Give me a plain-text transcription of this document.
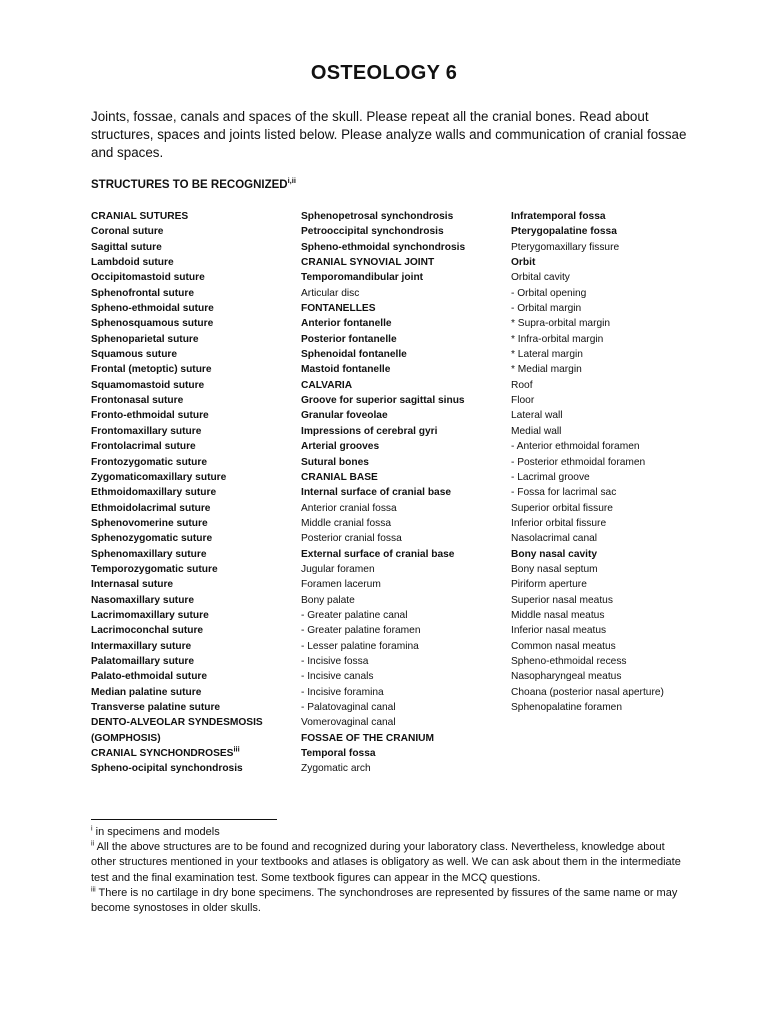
OSTEOLOGY 6
Joints, fossae, canals and spaces of the skull. Please repeat all the cranial bones. Read about structures, spaces and joints listed below. Please analyze walls and communication of cranial fossae and spaces.
STRUCTURES TO BE $RECOGNIZED^{i,ii}$
CRANIAL SUTURES
Coronal suture
Sagittal suture
Lambdoid suture
Occipitomastoid suture
Sphenofrontal suture
Spheno-ethmoidal suture
Sphenosquamous suture
Sphenoparietal suture
Squamous suture
Frontal (metoptic) suture
Squamomastoid suture
Frontonasal suture
Fronto-ethmoidal suture
Frontomaxillary suture
Frontolacrimal suture
Frontozygomatic suture
Zygomaticomaxillary suture
Ethmoidomaxillary suture
Ethmoidolacrimal suture
Sphenovomerine suture
Sphenozygomatic suture
Sphenomaxillary suture
Temporozygomatic suture
Internasal suture
Nasomaxillary suture
Lacrimomaxillary suture
Lacrimoconchal suture
Intermaxillary suture
Palatomaillary suture
Palato-ethmoidal suture
Median palatine suture
Transverse palatine suture
DENTO-ALVEOLAR SYNDESMOSIS
(GOMPHOSIS)
CRANIAL SYNCHONDROSES$^{iii}$
Spheno-ocipital synchondrosis
Sphenopetrosal synchondrosis
Petrooccipital synchondrosis
Spheno-ethmoidal synchondrosis
CRANIAL SYNOVIAL JOINT
Temporomandibular joint
Articular disc
FONTANELLES
Anterior fontanelle
Posterior fontanelle
Sphenoidal fontanelle
Mastoid fontanelle
CALVARIA
Groove for superior sagittal sinus
Granular foveolae
Impressions of cerebral gyri
Arterial grooves
Sutural bones
CRANIAL BASE
Internal surface of cranial base
Anterior cranial fossa
Middle cranial fossa
Posterior cranial fossa
External surface of cranial base
Jugular foramen
Foramen lacerum
Bony palate
- Greater palatine canal
- Greater palatine foramen
- Lesser palatine foramina
- Incisive fossa
- Incisive canals
- Incisive foramina
- Palatovaginal canal
Vomerovaginal canal
FOSSAE OF THE CRANIUM
Temporal fossa
Zygomatic arch
Infratemporal fossa
Pterygopalatine fossa
Pterygomaxillary fissure
Orbit
Orbital cavity
- Orbital opening
- Orbital margin
* Supra-orbital margin
* Infra-orbital margin
* Lateral margin
* Medial margin
Roof
Floor
Lateral wall
Medial wall
- Anterior ethmoidal foramen
- Posterior ethmoidal foramen
- Lacrimal groove
- Fossa for lacrimal sac
Superior orbital fissure
Inferior orbital fissure
Nasolacrimal canal
Bony nasal cavity
Bony nasal septum
Piriform aperture
Superior nasal meatus
Middle nasal meatus
Inferior nasal meatus
Common nasal meatus
Spheno-ethmoidal recess
Nasopharyngeal meatus
Choana (posterior nasal aperture)
Sphenopalatine foramen
$^i$ in specimens and models
$^{ii}$ All the above structures are to be found and recognized during your laboratory class. Nevertheless, knowledge about other structures mentioned in your textbooks and atlases is obligatory as well. We can ask about them in the intermediate test and the final examination test. Some textbook figures can appear in the MCQ questions.
$^{iii}$ There is no cartilage in dry bone specimens. The synchondroses are represented by fissures of the same name or may become synostoses in older skulls.
